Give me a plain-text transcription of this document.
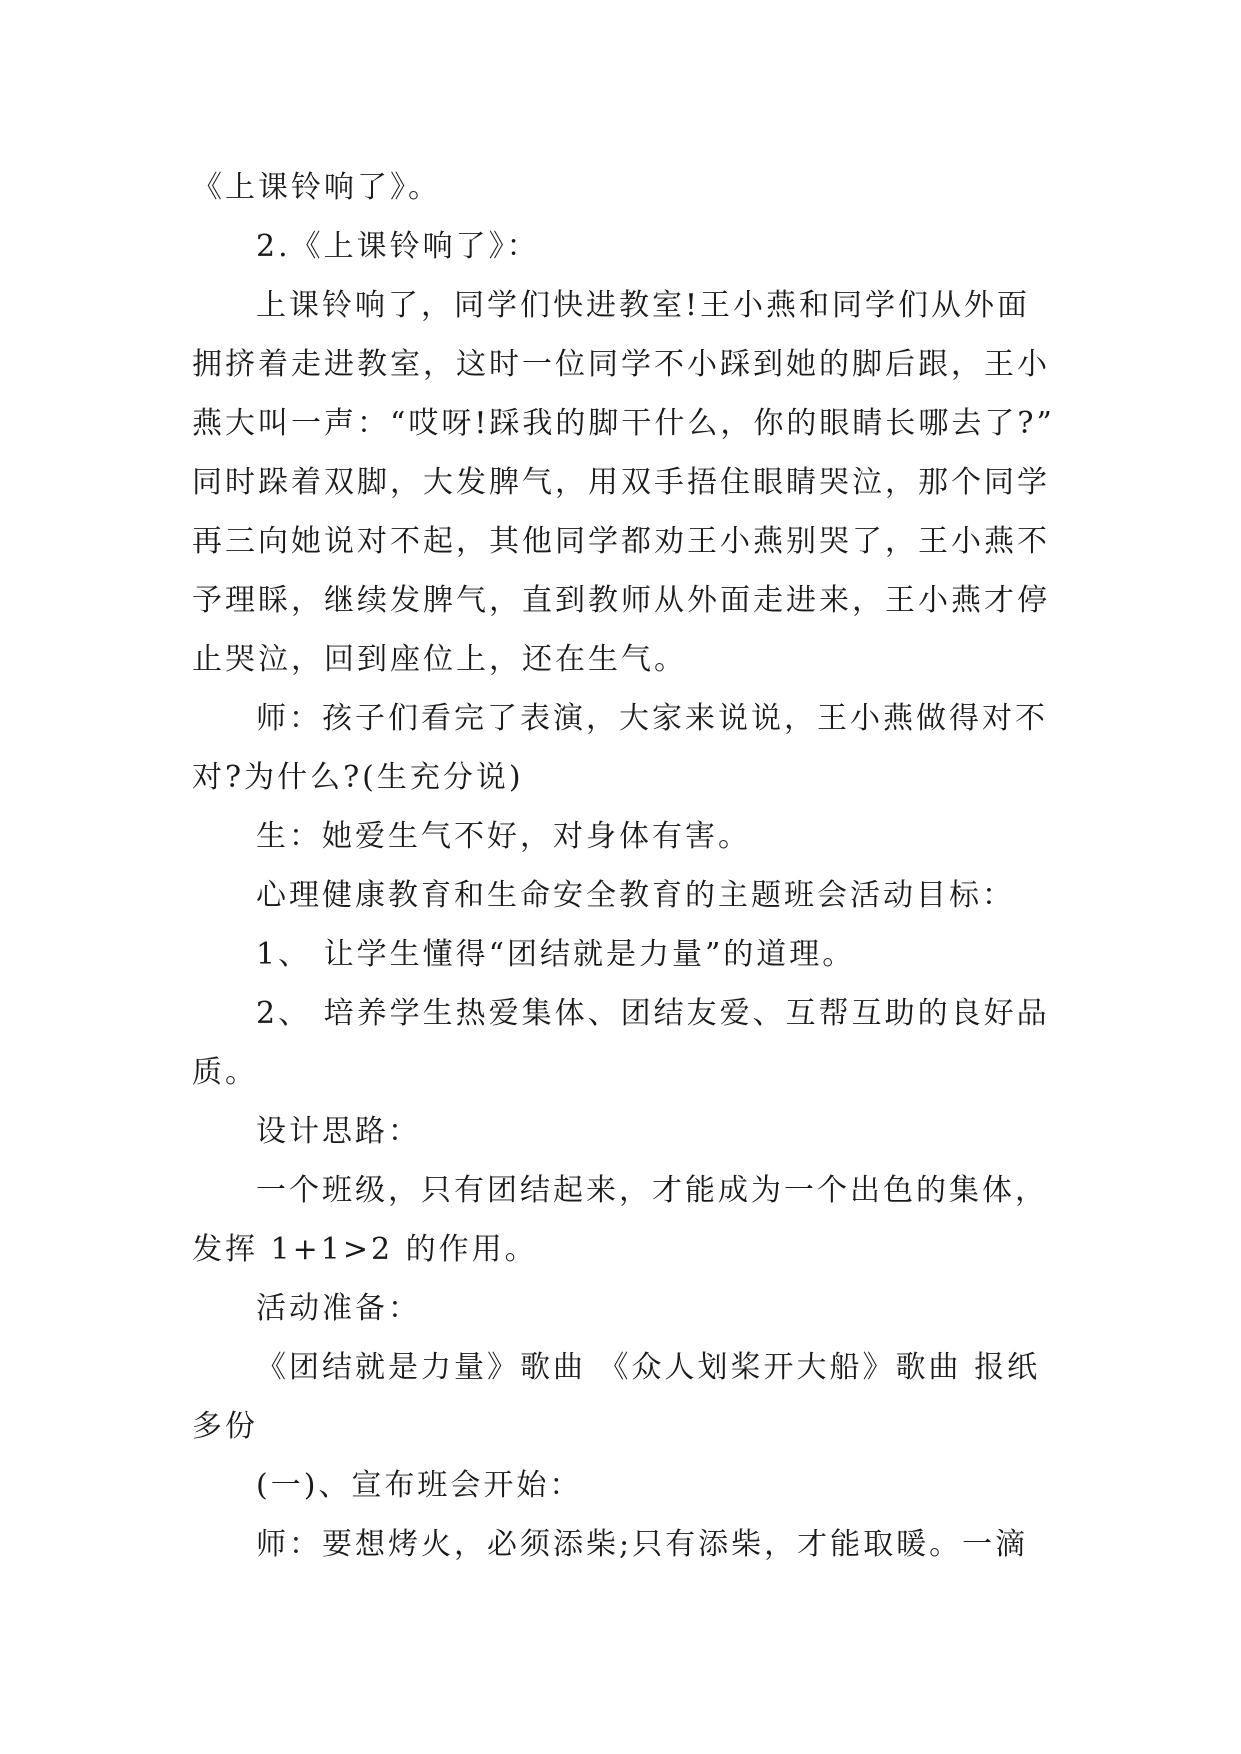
《上课铃响了》。
2.《上课铃响了》：
上课铃响了，同学们快进教室!王小燕和同学们从外面
拥挤着走进教室，这时一位同学不小踩到她的脚后跟，王小
燕大叫一声：“哎呀!踩我的脚干什么，你的眼睛长哪去了?”
同时跺着双脚，大发脾气，用双手捂住眼睛哭泣，那个同学
再三向她说对不起，其他同学都劝王小燕别哭了，王小燕不
予理睬，继续发脾气，直到教师从外面走进来，王小燕才停
止哭泣，回到座位上，还在生气。
师：孩子们看完了表演，大家来说说，王小燕做得对不
对?为什么?(生充分说)
生：她爱生气不好，对身体有害。
心理健康教育和生命安全教育的主题班会活动目标：
1、 让学生懂得“团结就是力量”的道理。
2、 培养学生热爱集体、团结友爱、互帮互助的良好品
质。
设计思路：
一个班级，只有团结起来，才能成为一个出色的集体，
发挥 1+1>2 的作用。
活动准备：
《团结就是力量》歌曲 《众人划桨开大船》歌曲 报纸
多份
(一)、宣布班会开始：
师：要想烤火，必须添柴;只有添柴，才能取暖。一滴
